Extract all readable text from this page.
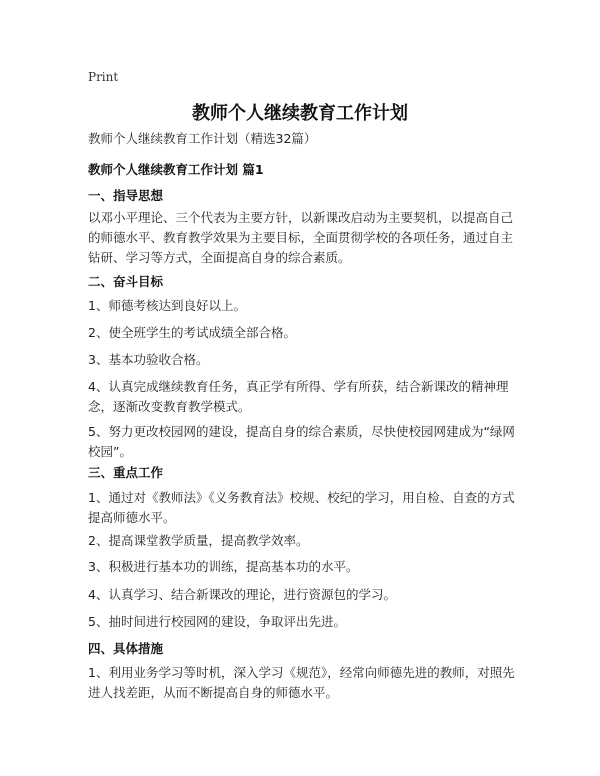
Print
教师个人继续教育工作计划
教师个人继续教育工作计划（精选32篇）
教师个人继续教育工作计划 篇1
一、指导思想
以邓小平理论、三个代表为主要方针，以新课改启动为主要契机，以提高自己的师德水平、教育教学效果为主要目标，全面贯彻学校的各项任务，通过自主钻研、学习等方式，全面提高自身的综合素质。
二、奋斗目标
1、师德考核达到良好以上。
2、使全班学生的考试成绩全部合格。
3、基本功验收合格。
4、认真完成继续教育任务，真正学有所得、学有所获，结合新课改的精神理念，逐渐改变教育教学模式。
5、努力更改校园网的建设，提高自身的综合素质，尽快使校园网建成为“绿网校园”。
三、重点工作
1、通过对《教师法》《义务教育法》校规、校纪的学习，用自检、自查的方式提高师德水平。
2、提高课堂教学质量，提高教学效率。
3、积极进行基本功的训练，提高基本功的水平。
4、认真学习、结合新课改的理论，进行资源包的学习。
5、抽时间进行校园网的建设，争取评出先进。
四、具体措施
1、利用业务学习等时机，深入学习《规范》，经常向师德先进的教师，对照先进人找差距，从而不断提高自身的师德水平。
